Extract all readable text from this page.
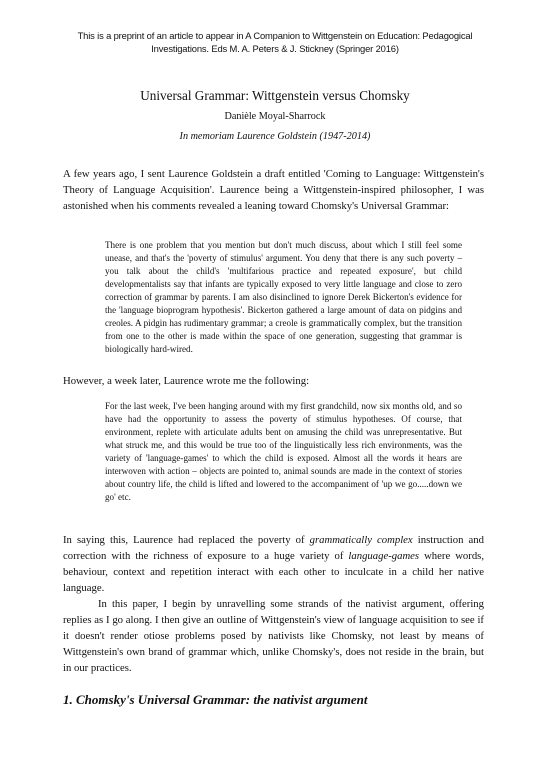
This is a preprint of an article to appear in A Companion to Wittgenstein on Education: Pedagogical Investigations. Eds M. A. Peters & J. Stickney (Springer 2016)
Universal Grammar: Wittgenstein versus Chomsky
Danièle Moyal-Sharrock
In memoriam Laurence Goldstein (1947-2014)

A few years ago, I sent Laurence Goldstein a draft entitled 'Coming to Language: Wittgenstein's Theory of Language Acquisition'. Laurence being a Wittgenstein-inspired philosopher, I was astonished when his comments revealed a leaning toward Chomsky's Universal Grammar:

There is one problem that you mention but don't much discuss, about which I still feel some unease, and that's the 'poverty of stimulus' argument. You deny that there is any such poverty – you talk about the child's 'multifarious practice and repeated exposure', but child developmentalists say that infants are typically exposed to very little language and close to zero correction of grammar by parents. I am also disinclined to ignore Derek Bickerton's evidence for the 'language bioprogram hypothesis'. Bickerton gathered a large amount of data on pidgins and creoles. A pidgin has rudimentary grammar; a creole is grammatically complex, but the transition from one to the other is made within the space of one generation, suggesting that grammar is biologically hard-wired.

However, a week later, Laurence wrote me the following:

For the last week, I've been hanging around with my first grandchild, now six months old, and so have had the opportunity to assess the poverty of stimulus hypotheses. Of course, that environment, replete with articulate adults bent on amusing the child was unrepresentative. But what struck me, and this would be true too of the linguistically less rich environments, was the variety of 'language-games' to which the child is exposed. Almost all the words it hears are interwoven with action – objects are pointed to, animal sounds are made in the context of stories about country life, the child is lifted and lowered to the accompaniment of 'up we go.....down we go' etc.

In saying this, Laurence had replaced the poverty of grammatically complex instruction and correction with the richness of exposure to a huge variety of language-games where words, behaviour, context and repetition interact with each other to inculcate in a child her native language.

In this paper, I begin by unravelling some strands of the nativist argument, offering replies as I go along. I then give an outline of Wittgenstein's view of language acquisition to see if it doesn't render otiose problems posed by nativists like Chomsky, not least by means of Wittgenstein's own brand of grammar which, unlike Chomsky's, does not reside in the brain, but in our practices.

1. Chomsky's Universal Grammar: the nativist argument
